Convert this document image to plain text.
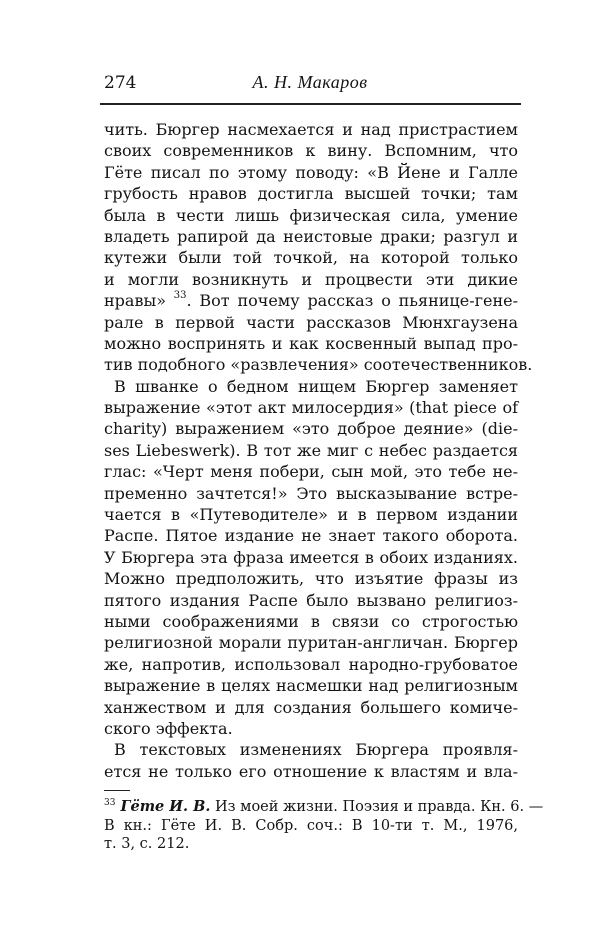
274	А. Н. Макаров
чить. Бюргер насмехается и над пристрастием
своих современников к вину. Вспомним, что
Гёте писал по этому поводу: «В Йене и Галле
грубость нравов достигла высшей точки; там
была в чести лишь физическая сила, умение
владеть рапирой да неистовые драки; разгул и
кутежи были той точкой, на которой только
и могли возникнуть и процвести эти дикие
нравы» $^{33}$. Вот почему рассказ о пьянице-гене-
рале в первой части рассказов Мюнхгаузена
можно воспринять и как косвенный выпад про-
тив подобного «развлечения» соотечественников.
В шванке о бедном нищем Бюргер заменяет
выражение «этот акт милосердия» (that piece of
charity) выражением «это доброе деяние» (die-
ses Liebeswerk). В тот же миг с небес раздается
глас: «Черт меня побери, сын мой, это тебе не-
пременно зачтется!» Это высказывание встре-
чается в «Путеводителе» и в первом издании
Распе. Пятое издание не знает такого оборота.
У Бюргера эта фраза имеется в обоих изданиях.
Можно предположить, что изъятие фразы из
пятого издания Распе было вызвано религиоз-
ными соображениями в связи со строгостью
религиозной морали пуритан-англичан. Бюргер
же, напротив, использовал народно-грубоватое
выражение в целях насмешки над религиозным
ханжеством и для создания большего комиче-
ского эффекта.
В текстовых изменениях Бюргера проявля-
ется не только его отношение к властям и вла-
$^{33}$ Гёте И. В. Из моей жизни. Поэзия и правда. Кн. 6. —
В кн.: Гёте И. В. Собр. соч.: В 10-ти т. М., 1976,
т. 3, с. 212.
